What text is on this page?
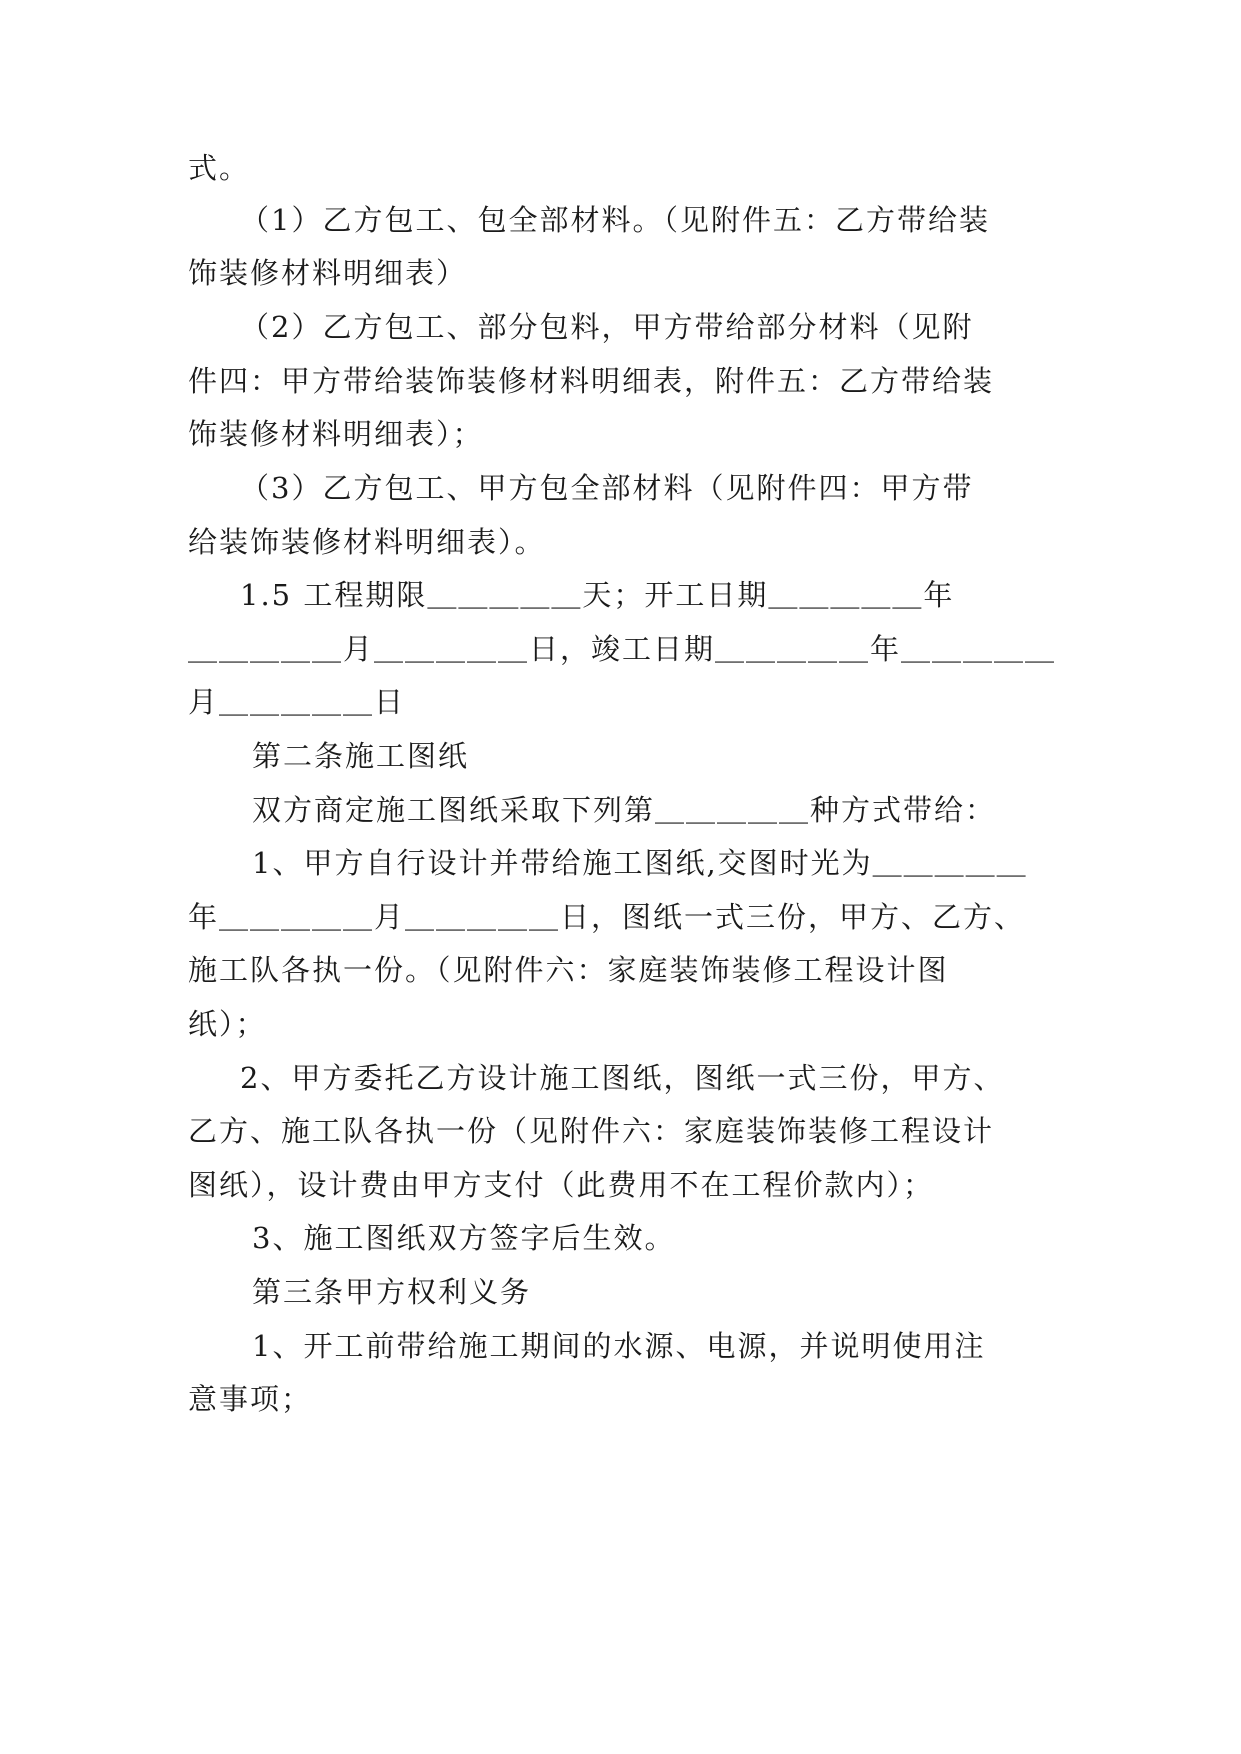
式。
（1）乙方包工、包全部材料。（见附件五：乙方带给装
饰装修材料明细表）
（2）乙方包工、部分包料，甲方带给部分材料（见附
件四：甲方带给装饰装修材料明细表，附件五：乙方带给装
饰装修材料明细表）；
（3）乙方包工、甲方包全部材料（见附件四：甲方带
给装饰装修材料明细表）。
1.5 工程期限＿＿＿＿＿天；开工日期＿＿＿＿＿年
＿＿＿＿＿月＿＿＿＿＿日，竣工日期＿＿＿＿＿年＿＿＿＿＿
月＿＿＿＿＿日
第二条施工图纸
双方商定施工图纸采取下列第＿＿＿＿＿种方式带给：
1、甲方自行设计并带给施工图纸,交图时光为＿＿＿＿＿
年＿＿＿＿＿月＿＿＿＿＿日，图纸一式三份，甲方、乙方、
施工队各执一份。（见附件六：家庭装饰装修工程设计图
纸）；
2、甲方委托乙方设计施工图纸，图纸一式三份，甲方、
乙方、施工队各执一份（见附件六：家庭装饰装修工程设计
图纸），设计费由甲方支付（此费用不在工程价款内）；
3、施工图纸双方签字后生效。
第三条甲方权利义务
1、开工前带给施工期间的水源、电源，并说明使用注
意事项；
